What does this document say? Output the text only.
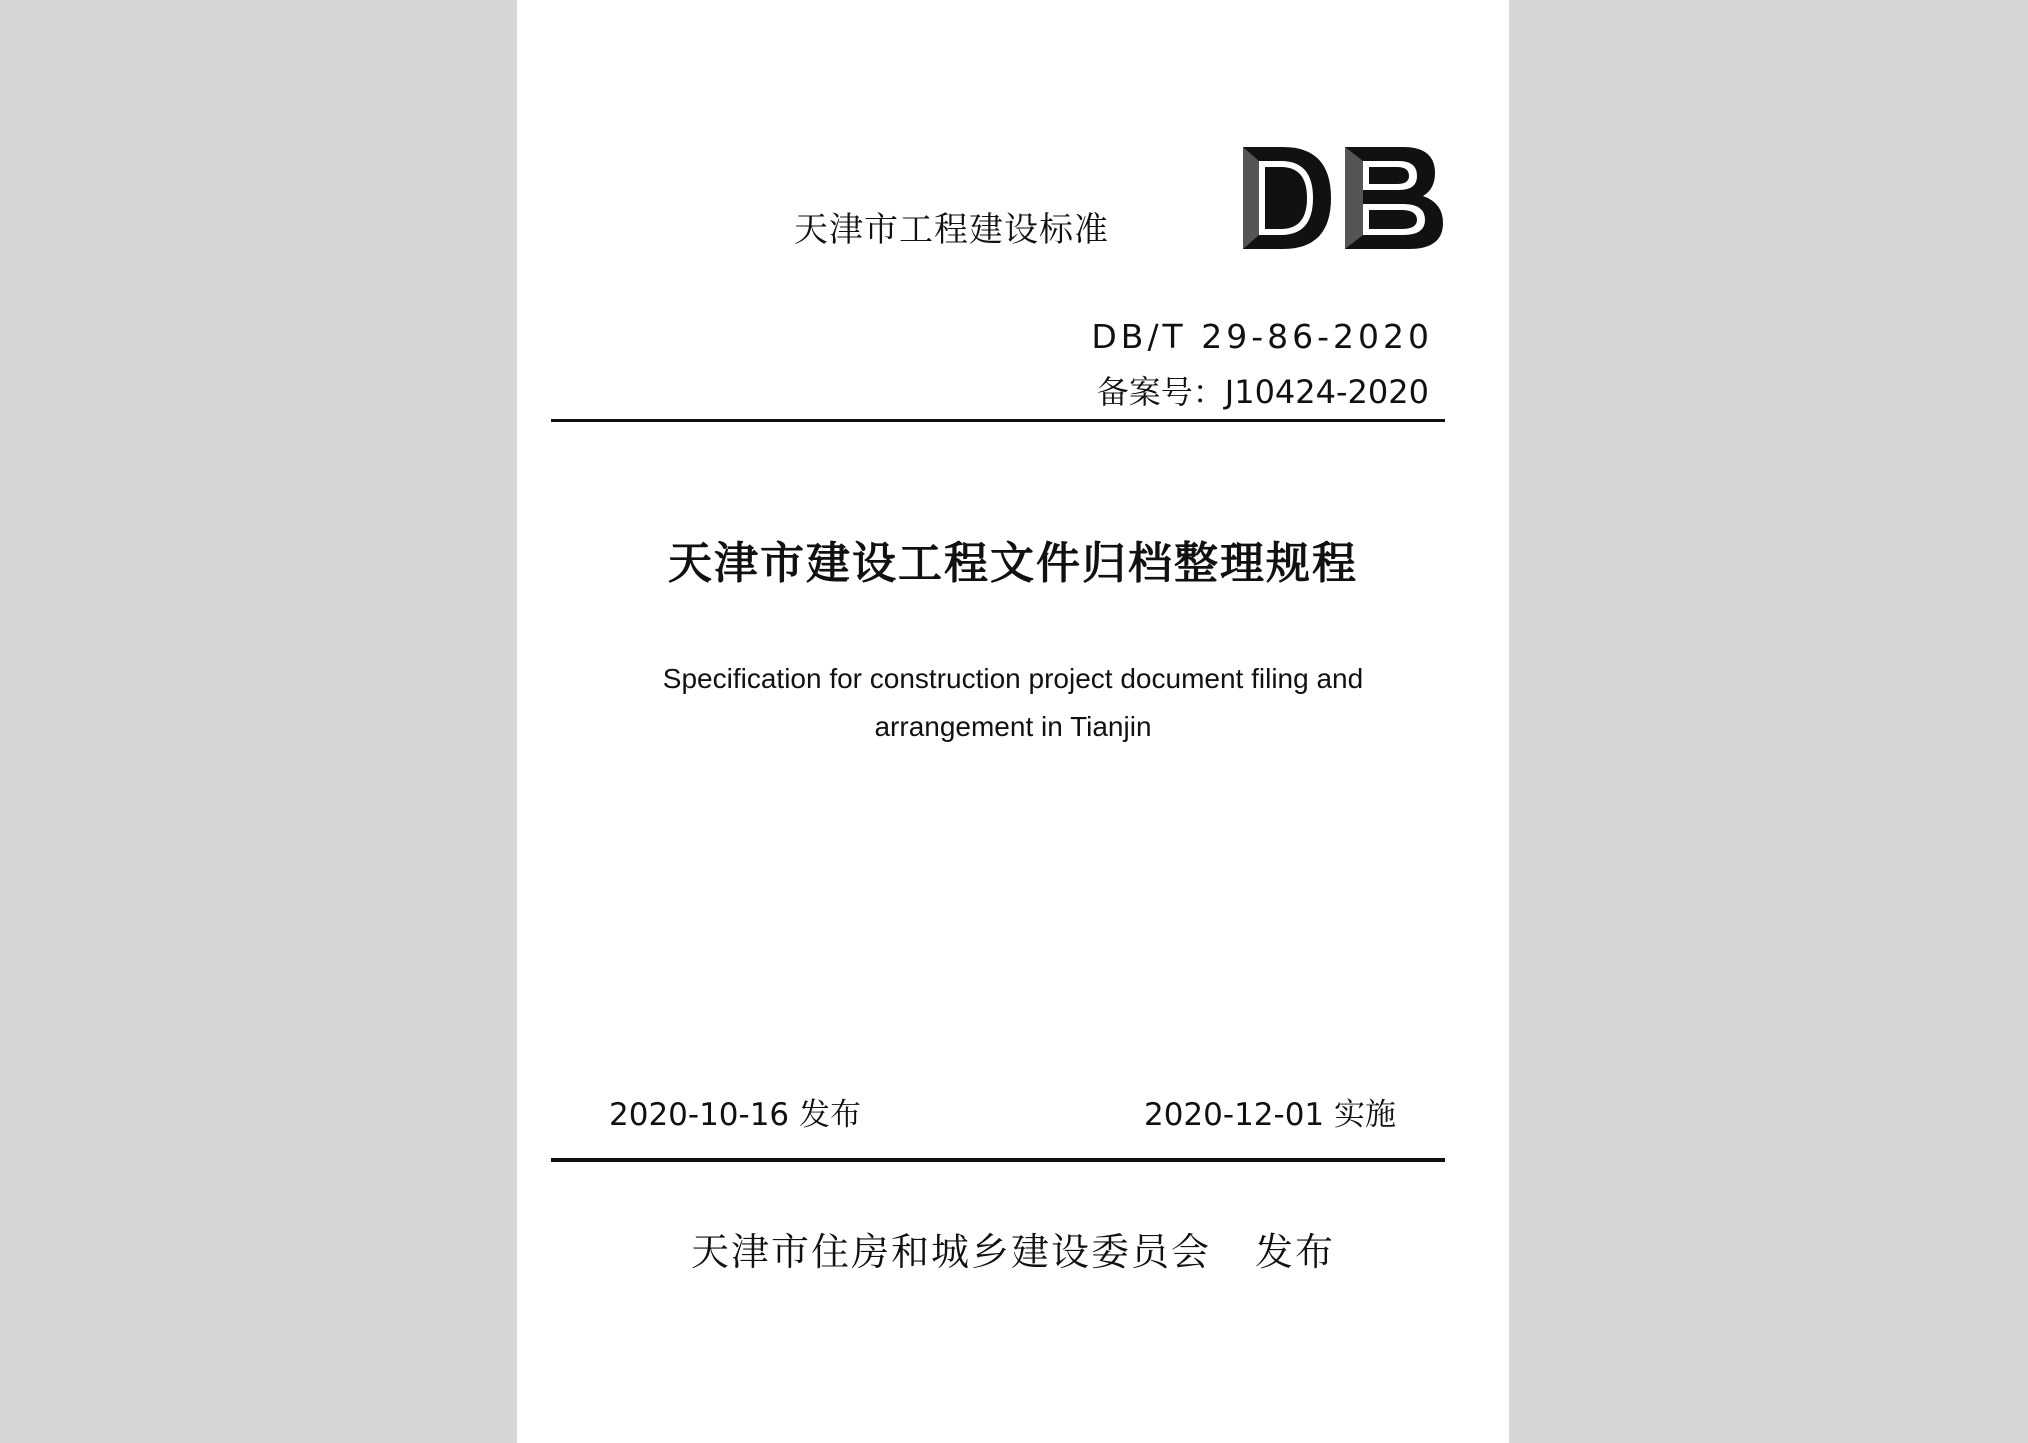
天津市工程建设标准
DB/T 29-86-2020
备案号：J10424-2020
天津市建设工程文件归档整理规程
Specification for construction project document filing and
arrangement in Tianjin
2020-10-16 发布	2020-12-01 实施
天津市住房和城乡建设委员会 发布
